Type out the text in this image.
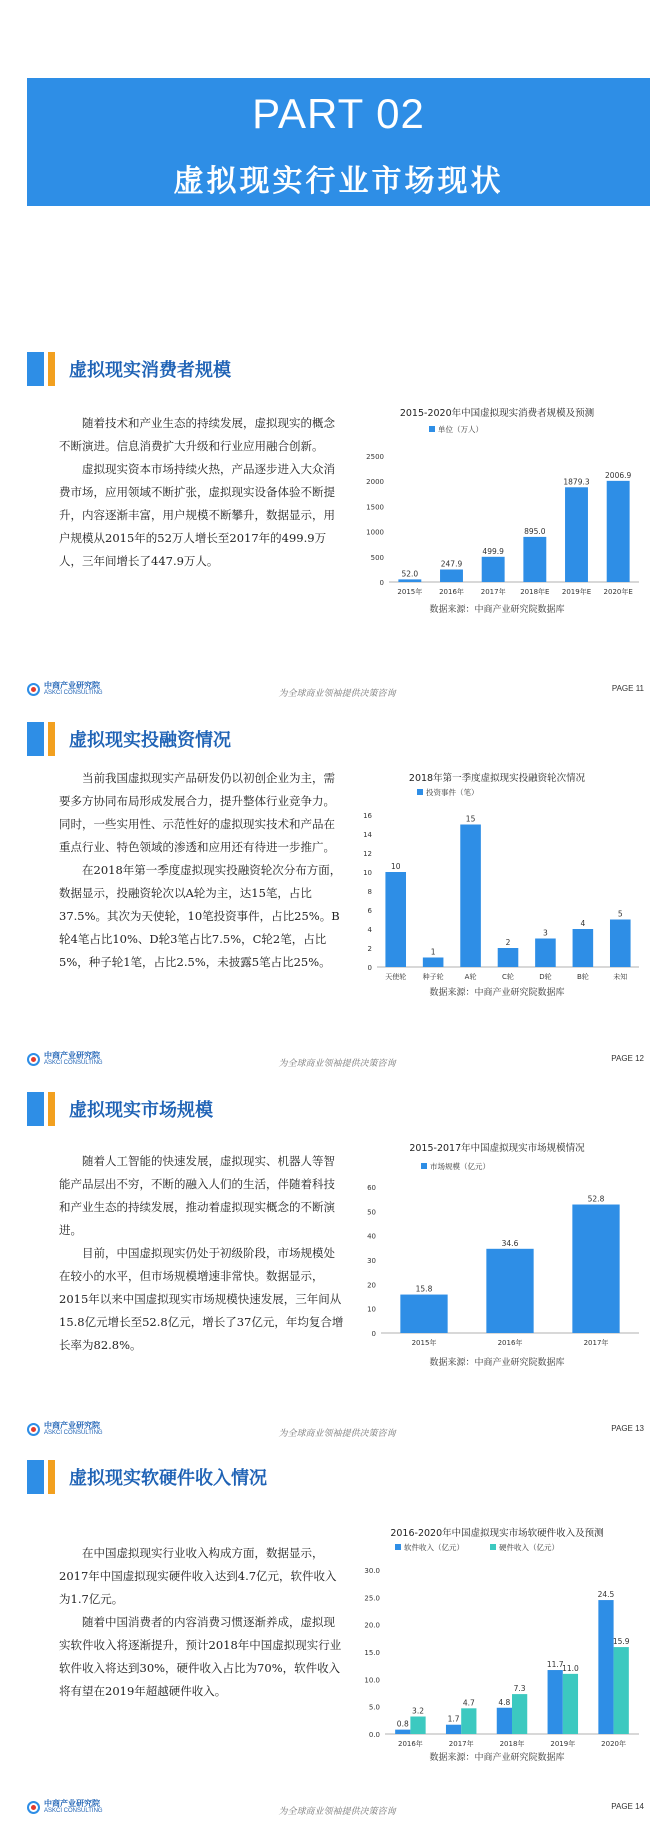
PART 02
虚拟现实行业市场现状
虚拟现实消费者规模

随着技术和产业生态的持续发展，虚拟现实的概念不断演进。信息消费扩大升级和行业应用融合创新。

虚拟现实资本市场持续火热，产品逐步进入大众消费市场，应用领域不断扩张，虚拟现实设备体验不断提升，内容逐渐丰富，用户规模不断攀升，数据显示，用户规模从2015年的52万人增长至2017年的499.9万人，三年间增长了447.9万人。

2015-2020年中国虚拟现实消费者规模及预测
单位（万人）
0
500
1000
1500
2000
2500
2015年
52.0
2016年
247.9
2017年
499.9
2018年E
895.0
2019年E
1879.3
2020年E
2006.9
数据来源：中商产业研究院数据库
中商产业研究院
ASKCI CONSULTING	为全球商业领袖提供决策咨询
PAGE 11
虚拟现实投融资情况

当前我国虚拟现实产品研发仍以初创企业为主，需要多方协同布局形成发展合力，提升整体行业竞争力。同时，一些实用性、示范性好的虚拟现实技术和产品在重点行业、特色领域的渗透和应用还有待进一步推广。

在2018年第一季度虚拟现实投融资轮次分布方面，数据显示，投融资轮次以A轮为主，达15笔，占比37.5%。其次为天使轮，10笔投资事件，占比25%。B轮4笔占比10%、D轮3笔占比7.5%，C轮2笔，占比5%，种子轮1笔，占比2.5%，未披露5笔占比25%。

2018年第一季度虚拟现实投融资轮次情况
投资事件（笔）
0
2
4
6
8
10
12
14
16
天使轮
10
种子轮
1
A轮
15
C轮
2
D轮
3
B轮
4
未知
5
数据来源：中商产业研究院数据库
中商产业研究院
ASKCI CONSULTING	为全球商业领袖提供决策咨询
PAGE 12
虚拟现实市场规模

随着人工智能的快速发展，虚拟现实、机器人等智能产品层出不穷，不断的融入人们的生活，伴随着科技和产业生态的持续发展，推动着虚拟现实概念的不断演进。

目前，中国虚拟现实仍处于初级阶段，市场规模处在较小的水平，但市场规模增速非常快。数据显示，2015年以来中国虚拟现实市场规模快速发展，三年间从15.8亿元增长至52.8亿元，增长了37亿元，年均复合增长率为82.8%。

2015-2017年中国虚拟现实市场规模情况
市场规模（亿元）
0
10
20
30
40
50
60
2015年
15.8
2016年
34.6
2017年
52.8
数据来源：中商产业研究院数据库
中商产业研究院
ASKCI CONSULTING	为全球商业领袖提供决策咨询
PAGE 13
虚拟现实软硬件收入情况

在中国虚拟现实行业收入构成方面，数据显示，2017年中国虚拟现实硬件收入达到4.7亿元，软件收入为1.7亿元。

随着中国消费者的内容消费习惯逐渐养成，虚拟现实软件收入将逐渐提升，预计2018年中国虚拟现实行业软件收入将达到30%，硬件收入占比为70%，软件收入将有望在2019年超越硬件收入。

2016-2020年中国虚拟现实市场软硬件收入及预测
软件收入（亿元）	硬件收入（亿元）
0.0
5.0
10.0
15.0
20.0
25.0
30.0
2016年
0.8
3.2
2017年
1.7
4.7
2018年
4.8
7.3
2019年
11.7
11.0
2020年
24.5
15.9
数据来源：中商产业研究院数据库
中商产业研究院
ASKCI CONSULTING	为全球商业领袖提供决策咨询
PAGE 14
